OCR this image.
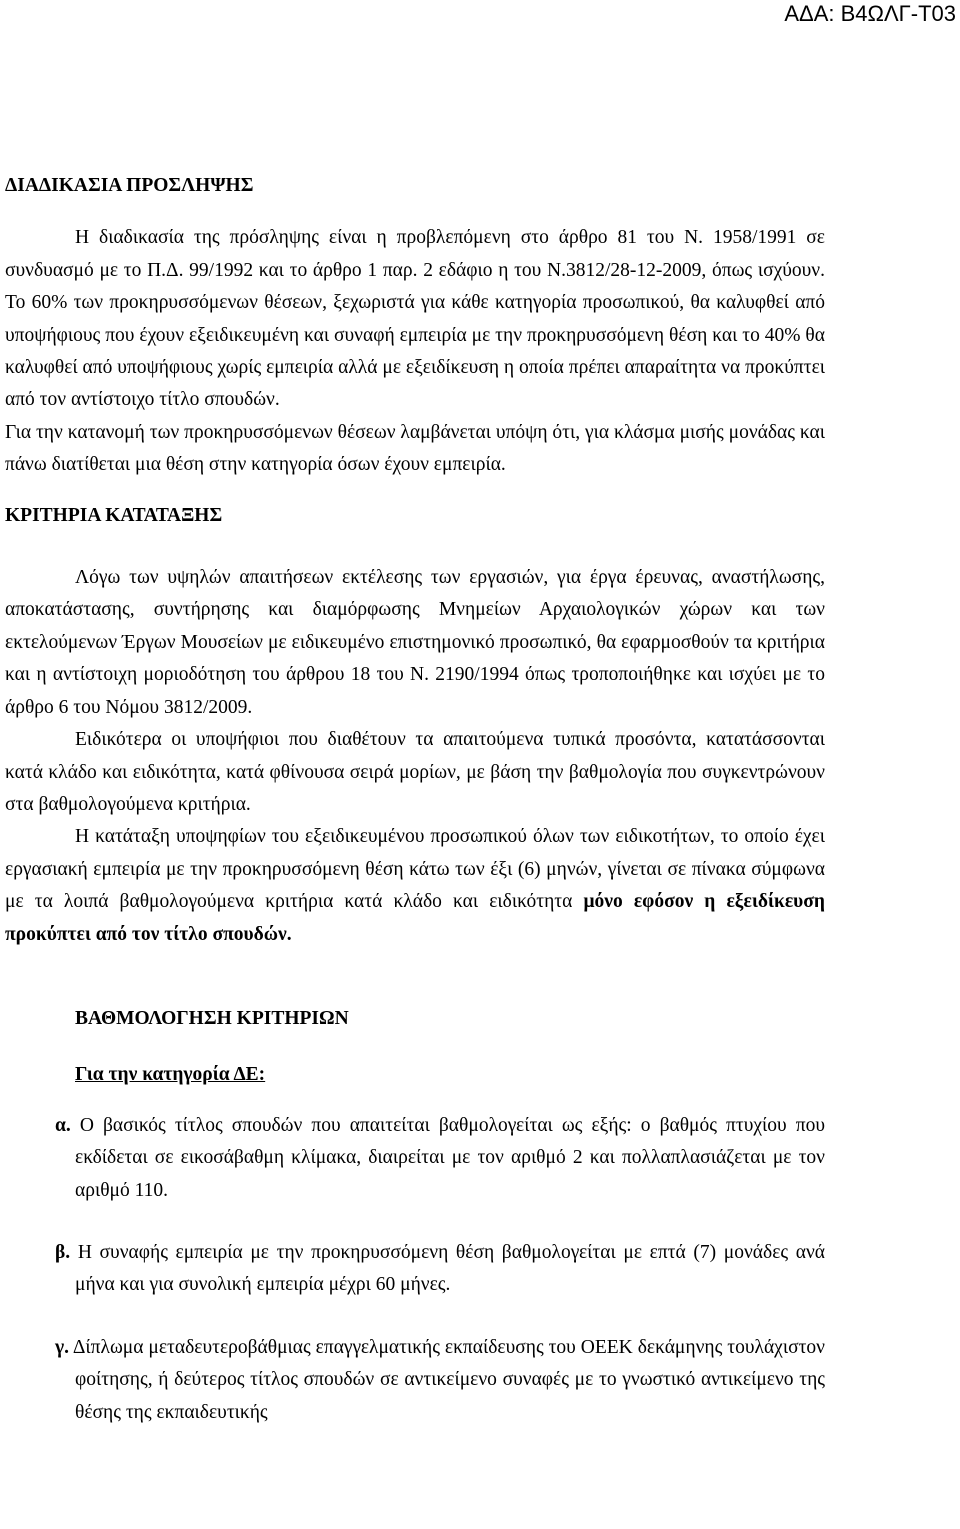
ΑΔΑ: Β4ΩΛΓ-Τ03
ΔΙΑΔΙΚΑΣΙΑ ΠΡΟΣΛΗΨΗΣ

Η διαδικασία της πρόσληψης είναι η προβλεπόμενη στο άρθρο 81 του Ν. 1958/1991 σε συνδυασμό με το Π.Δ. 99/1992 και το άρθρο 1 παρ. 2 εδάφιο η του Ν.3812/28-12-2009, όπως ισχύουν. Το 60% των προκηρυσσόμενων θέσεων, ξεχωριστά για κάθε κατηγορία προσωπικού, θα καλυφθεί από υποψήφιους που έχουν εξειδικευμένη και συναφή εμπειρία με την προκηρυσσόμενη θέση και το 40% θα καλυφθεί από υποψήφιους χωρίς εμπειρία αλλά με εξειδίκευση η οποία πρέπει απαραίτητα να προκύπτει από τον αντίστοιχο τίτλο σπουδών.

Για την κατανομή των προκηρυσσόμενων θέσεων λαμβάνεται υπόψη ότι, για κλάσμα μισής μονάδας και πάνω διατίθεται μια θέση στην κατηγορία όσων έχουν εμπειρία.

ΚΡΙΤΗΡΙΑ ΚΑΤΑΤΑΞΗΣ

Λόγω των υψηλών απαιτήσεων εκτέλεσης των εργασιών, για έργα έρευνας, αναστήλωσης, αποκατάστασης, συντήρησης και διαμόρφωσης Μνημείων Αρχαιολογικών χώρων και των εκτελούμενων Έργων Μουσείων με ειδικευμένο επιστημονικό προσωπικό, θα εφαρμοσθούν τα κριτήρια και η αντίστοιχη μοριοδότηση του άρθρου 18 του Ν. 2190/1994 όπως τροποποιήθηκε και ισχύει με το άρθρο 6 του Νόμου 3812/2009.

Ειδικότερα οι υποψήφιοι που διαθέτουν τα απαιτούμενα τυπικά προσόντα, κατατάσσονται κατά κλάδο και ειδικότητα, κατά φθίνουσα σειρά μορίων, με βάση την βαθμολογία που συγκεντρώνουν στα βαθμολογούμενα κριτήρια.

Η κατάταξη υποψηφίων του εξειδικευμένου προσωπικού όλων των ειδικοτήτων, το οποίο έχει εργασιακή εμπειρία με την προκηρυσσόμενη θέση κάτω των έξι (6) μηνών, γίνεται σε πίνακα σύμφωνα με τα λοιπά βαθμολογούμενα κριτήρια κατά κλάδο και ειδικότητα μόνο εφόσον η εξειδίκευση προκύπτει από τον τίτλο σπουδών.

ΒΑΘΜΟΛΟΓΗΣΗ ΚΡΙΤΗΡΙΩΝ
Για την κατηγορία ΔΕ:

α. Ο βασικός τίτλος σπουδών που απαιτείται βαθμολογείται ως εξής: ο βαθμός πτυχίου που εκδίδεται σε εικοσάβαθμη κλίμακα, διαιρείται με τον αριθμό 2 και πολλαπλασιάζεται με τον αριθμό 110.

β. Η συναφής εμπειρία με την προκηρυσσόμενη θέση βαθμολογείται με επτά (7) μονάδες ανά μήνα και για συνολική εμπειρία μέχρι 60 μήνες.

γ. Δίπλωμα μεταδευτεροβάθμιας επαγγελματικής εκπαίδευσης του ΟΕΕΚ δεκάμηνης τουλάχιστον φοίτησης, ή δεύτερος τίτλος σπουδών σε αντικείμενο συναφές με το γνωστικό αντικείμενο της θέσης της εκπαιδευτικής
